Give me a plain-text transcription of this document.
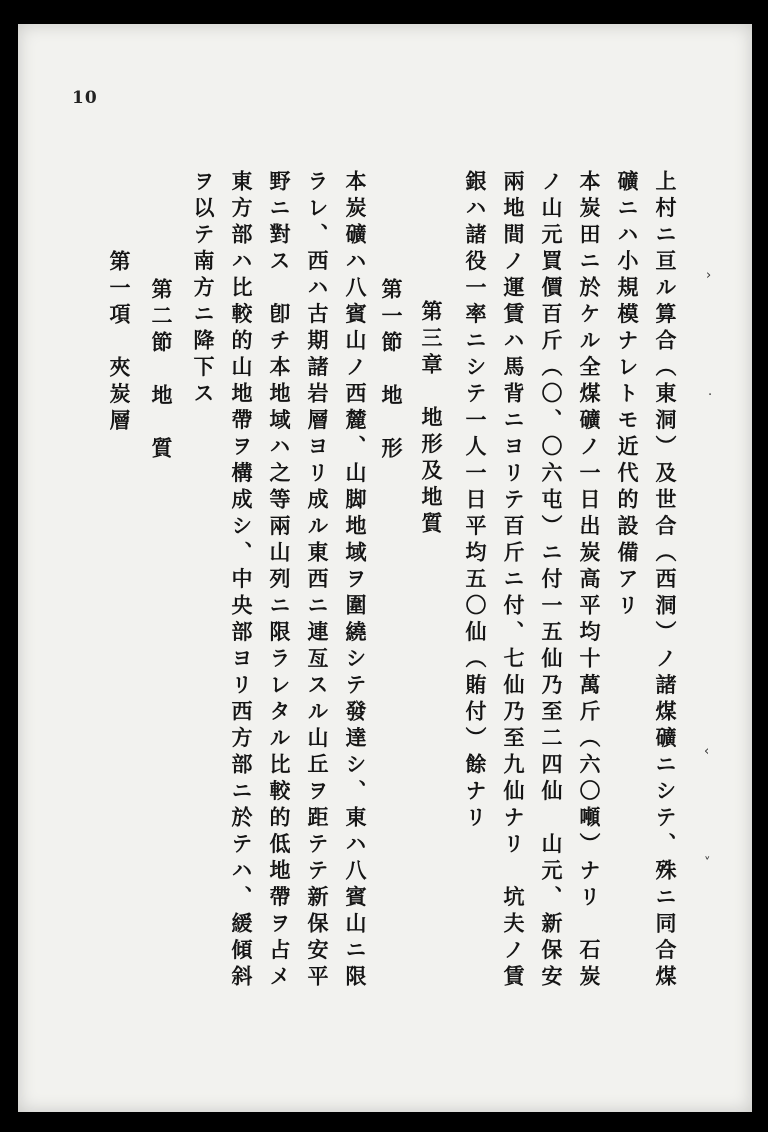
10
上村ニ亘ル算合（東洞）及世合（西洞）ノ諸煤礦ニシテ、殊ニ同合煤
礦ニハ小規模ナレトモ近代的設備アリ
本炭田ニ於ケル全煤礦ノ一日出炭高平均十萬斤（六〇噸）ナリ　石炭
ノ山元買價百斤（〇、〇六屯）ニ付一五仙乃至二四仙　山元、新保安
兩地間ノ運賃ハ馬背ニヨリテ百斤ニ付、七仙乃至九仙ナリ　坑夫ノ賃
銀ハ諸役一率ニシテ一人一日平均五〇仙（賄付）餘ナリ
第三章　地形及地質
第一節　地　形
本炭礦ハ八賓山ノ西麓、山脚地域ヲ圍繞シテ發達シ、東ハ八賓山ニ限
ラレ、西ハ古期諸岩層ヨリ成ル東西ニ連亙スル山丘ヲ距テテ新保安平
野ニ對ス　卽チ本地域ハ之等兩山列ニ限ラレタル比較的低地帶ヲ占メ
東方部ハ比較的山地帶ヲ構成シ、中央部ヨリ西方部ニ於テハ、緩傾斜
ヲ以テ南方ニ降下ス
第二節　地　質
第一項　夾炭層	›
·
‹
˅
